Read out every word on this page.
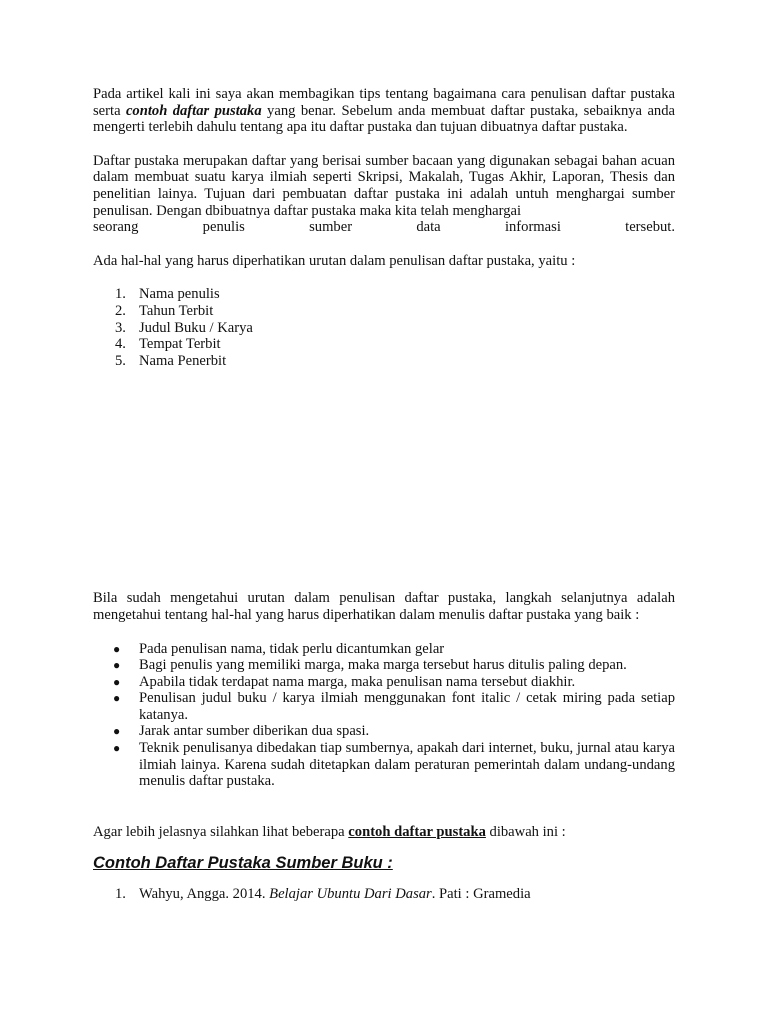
Pada artikel kali ini saya akan membagikan tips tentang bagaimana cara penulisan daftar pustaka serta contoh daftar pustaka yang benar. Sebelum anda membuat daftar pustaka, sebaiknya anda mengerti terlebih dahulu tentang apa itu daftar pustaka dan tujuan dibuatnya daftar pustaka.

Daftar pustaka merupakan daftar yang berisai sumber bacaan yang digunakan sebagai bahan acuan dalam membuat suatu karya ilmiah seperti Skripsi, Makalah, Tugas Akhir, Laporan, Thesis dan penelitian lainya. Tujuan dari pembuatan daftar pustaka ini adalah untuh menghargai sumber penulisan. Dengan dbibuatnya daftar pustaka maka kita telah menghargai

seorang penulis sumber data informasi tersebut.

Ada hal-hal yang harus diperhatikan urutan dalam penulisan daftar pustaka, yaitu :

1. Nama penulis
2. Tahun Terbit
3. Judul Buku / Karya
4. Tempat Terbit
5. Nama Penerbit

Bila sudah mengetahui urutan dalam penulisan daftar pustaka, langkah selanjutnya adalah mengetahui tentang hal-hal yang harus diperhatikan dalam menulis daftar pustaka yang baik :

● Pada penulisan nama, tidak perlu dicantumkan gelar
● Bagi penulis yang memiliki marga, maka marga tersebut harus ditulis paling depan.
● Apabila tidak terdapat nama marga, maka penulisan nama tersebut diakhir.
● Penulisan judul buku / karya ilmiah menggunakan font italic / cetak miring pada setiap katanya.
● Jarak antar sumber diberikan dua spasi.
● Teknik penulisanya dibedakan tiap sumbernya, apakah dari internet, buku, jurnal atau karya ilmiah lainya. Karena sudah ditetapkan dalam peraturan pemerintah dalam undang-undang menulis daftar pustaka.

Agar lebih jelasnya silahkan lihat beberapa contoh daftar pustaka dibawah ini :

Contoh Daftar Pustaka Sumber Buku :
1. Wahyu, Angga. 2014. Belajar Ubuntu Dari Dasar. Pati : Gramedia
